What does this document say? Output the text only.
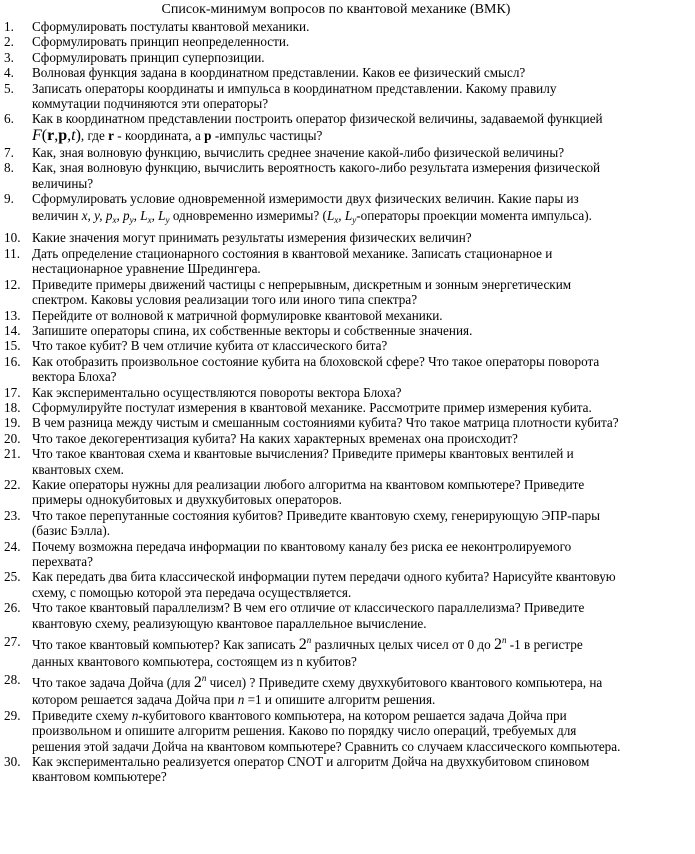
Список-минимум вопросов по квантовой механике (ВМК)
1.	Сформулировать постулаты квантовой механики.
2.	Сформулировать принцип неопределенности.
3.	Сформулировать принцип суперпозиции.
4.	Волновая функция задана в координатном представлении. Каков ее физический смысл?
5.	Записать операторы координаты и импульса в координатном представлении. Какому правилу
коммутации подчиняются эти операторы?
6.	Как в координатном представлении построить оператор физической величины, задаваемой функцией
F(r,p,t), где r - координата, а p -импульс частицы?
7.	Как, зная волновую функцию, вычислить среднее значение какой-либо физической величины?
8.	Как, зная волновую функцию, вычислить вероятность какого-либо результата измерения физической
величины?
9.	Сформулировать условие одновременной измеримости двух физических величин. Какие пары из
величин x, y, $p_x$, $p_y$, $L_x$, $L_y$ одновременно измеримы? ($L_x$, $L_y$-операторы проекции момента импульса).
10. Какие значения могут принимать результаты измерения физических величин?
11. Дать определение стационарного состояния в квантовой механике. Записать стационарное и
нестационарное уравнение Шредингера.
12. Приведите примеры движений частицы с непрерывным, дискретным и зонным энергетическим
спектром. Каковы условия реализации того или иного типа спектра?
13. Перейдите от волновой к матричной формулировке квантовой механики.
14. Запишите операторы спина, их собственные векторы и собственные значения.
15. Что такое кубит? В чем отличие кубита от классического бита?
16. Как отобразить произвольное состояние кубита на блоховской сфере? Что такое операторы поворота
вектора Блоха?
17. Как экспериментально осуществляются повороты вектора Блоха?
18. Сформулируйте постулат измерения в квантовой механике. Рассмотрите пример измерения кубита.
19. В чем разница между чистым и смешанным состояниями кубита? Что такое матрица плотности кубита?
20. Что такое декогерентизация кубита? На каких характерных временах она происходит?
21. Что такое квантовая схема и квантовые вычисления? Приведите примеры квантовых вентилей и
квантовых схем.
22. Какие операторы нужны для реализации любого алгоритма на квантовом компьютере? Приведите
примеры однокубитовых и двухкубитовых операторов.
23. Что такое перепутанные состояния кубитов? Приведите квантовую схему, генерирующую ЭПР-пары
(базис Бэлла).
24. Почему возможна передача информации по квантовому каналу без риска ее неконтролируемого
перехвата?
25. Как передать два бита классической информации путем передачи одного кубита? Нарисуйте квантовую
схему, с помощью которой эта передача осуществляется.
26. Что такое квантовый параллелизм? В чем его отличие от классического параллелизма? Приведите
квантовую схему, реализующую квантовое параллельное вычисление.
27. Что такое квантовый компьютер? Как записать 2$^n$ различных целых чисел от 0 до 2$^n$ -1 в регистре
данных квантового компьютера, состоящем из n кубитов?
28. Что такое задача Дойча (для 2$^n$ чисел) ? Приведите схему двухкубитового квантового компьютера, на
котором решается задача Дойча при n =1 и опишите алгоритм решения.
29. Приведите схему n-кубитового квантового компьютера, на котором решается задача Дойча при
произвольном и опишите алгоритм решения. Каково по порядку число операций, требуемых для
решения этой задачи Дойча на квантовом компьютере? Сравнить со случаем классического компьютера.
30. Как экспериментально реализуется оператор CNOT и алгоритм Дойча на двухкубитовом спиновом
квантовом компьютере?
